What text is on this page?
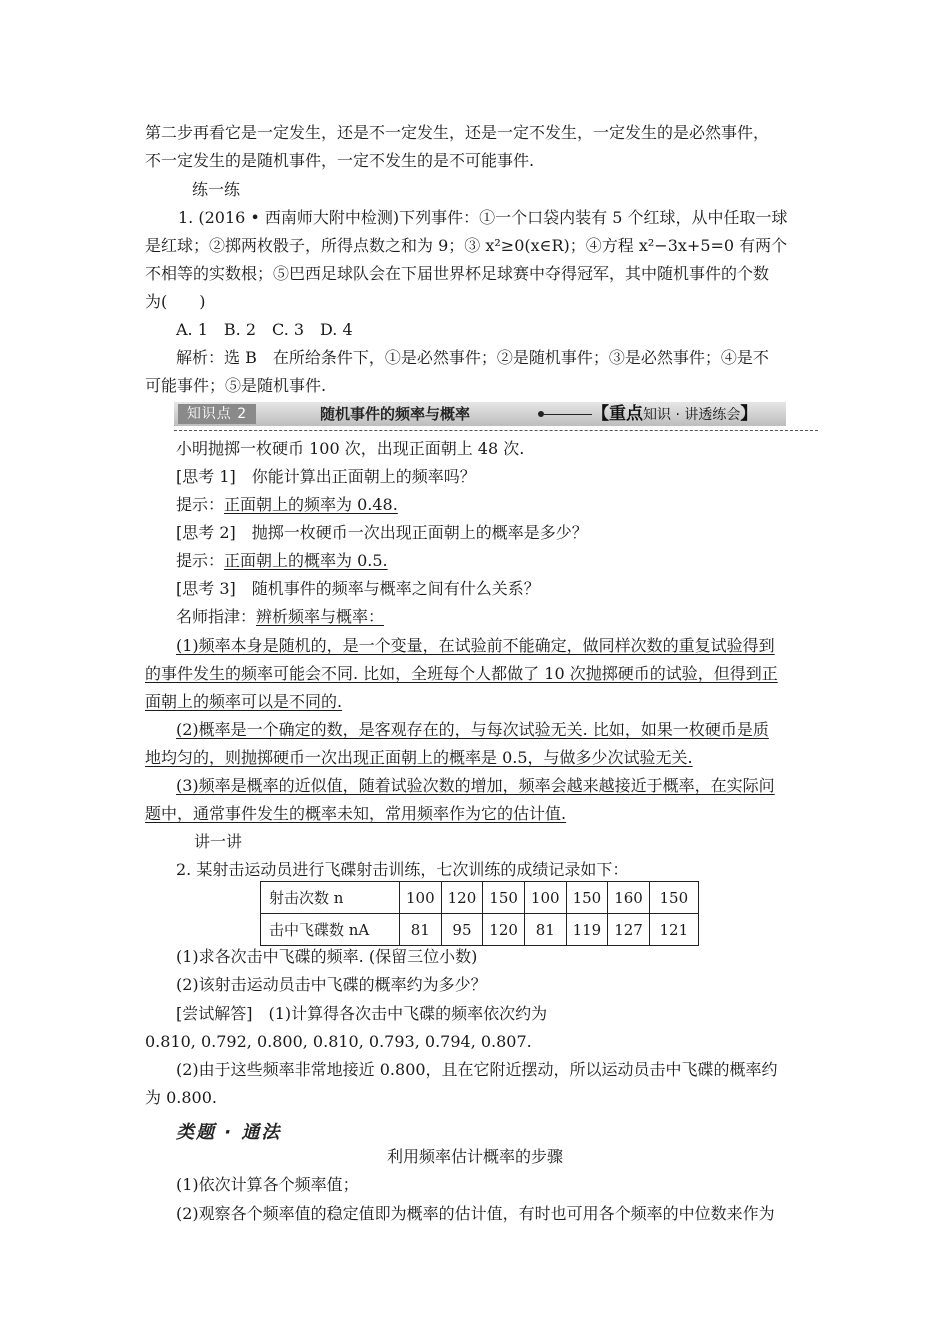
第二步再看它是一定发生，还是不一定发生，还是一定不发生，一定发生的是必然事件，
不一定发生的是随机事件，一定不发生的是不可能事件.
练一练
1. (2016 • 西南师大附中检测)下列事件：①一个口袋内装有 5 个红球，从中任取一球
是红球；②掷两枚骰子，所得点数之和为 9；③ x²≥0(x∈R)；④方程 x²−3x+5=0 有两个
不相等的实数根；⑤巴西足球队会在下届世界杯足球赛中夺得冠军，其中随机事件的个数
为(　　)
A. 1　B. 2　C. 3　D. 4
解析：选 B　在所给条件下，①是必然事件；②是随机事件；③是必然事件；④是不
可能事件；⑤是随机事件.
知识点 2	随机事件的频率与概率	【重点知识 · 讲透练会】
小明抛掷一枚硬币 100 次，出现正面朝上 48 次.
[思考 1]　你能计算出正面朝上的频率吗？
提示：正面朝上的频率为 0.48.
[思考 2]　抛掷一枚硬币一次出现正面朝上的概率是多少？
提示：正面朝上的概率为 0.5.
[思考 3]　随机事件的频率与概率之间有什么关系？
名师指津：辨析频率与概率：
(1)频率本身是随机的，是一个变量，在试验前不能确定，做同样次数的重复试验得到
的事件发生的频率可能会不同. 比如，全班每个人都做了 10 次抛掷硬币的试验，但得到正
面朝上的频率可以是不同的.
(2)概率是一个确定的数，是客观存在的，与每次试验无关. 比如，如果一枚硬币是质
地均匀的，则抛掷硬币一次出现正面朝上的概率是 0.5，与做多少次试验无关.
(3)频率是概率的近似值，随着试验次数的增加，频率会越来越接近于概率，在实际问
题中，通常事件发生的概率未知，常用频率作为它的估计值.
讲一讲
2. 某射击运动员进行飞碟射击训练，七次训练的成绩记录如下：
射击次数 n	100	120	150	100	150	160	150
击中飞碟数 nA	81	95	120	81	119	127	121
(1)求各次击中飞碟的频率. (保留三位小数)
(2)该射击运动员击中飞碟的概率约为多少？
[尝试解答]　(1)计算得各次击中飞碟的频率依次约为
0.810, 0.792, 0.800, 0.810, 0.793, 0.794, 0.807.
(2)由于这些频率非常地接近 0.800，且在它附近摆动，所以运动员击中飞碟的概率约
为 0.800.
类题 · 通法
利用频率估计概率的步骤
(1)依次计算各个频率值；
(2)观察各个频率值的稳定值即为概率的估计值，有时也可用各个频率的中位数来作为
